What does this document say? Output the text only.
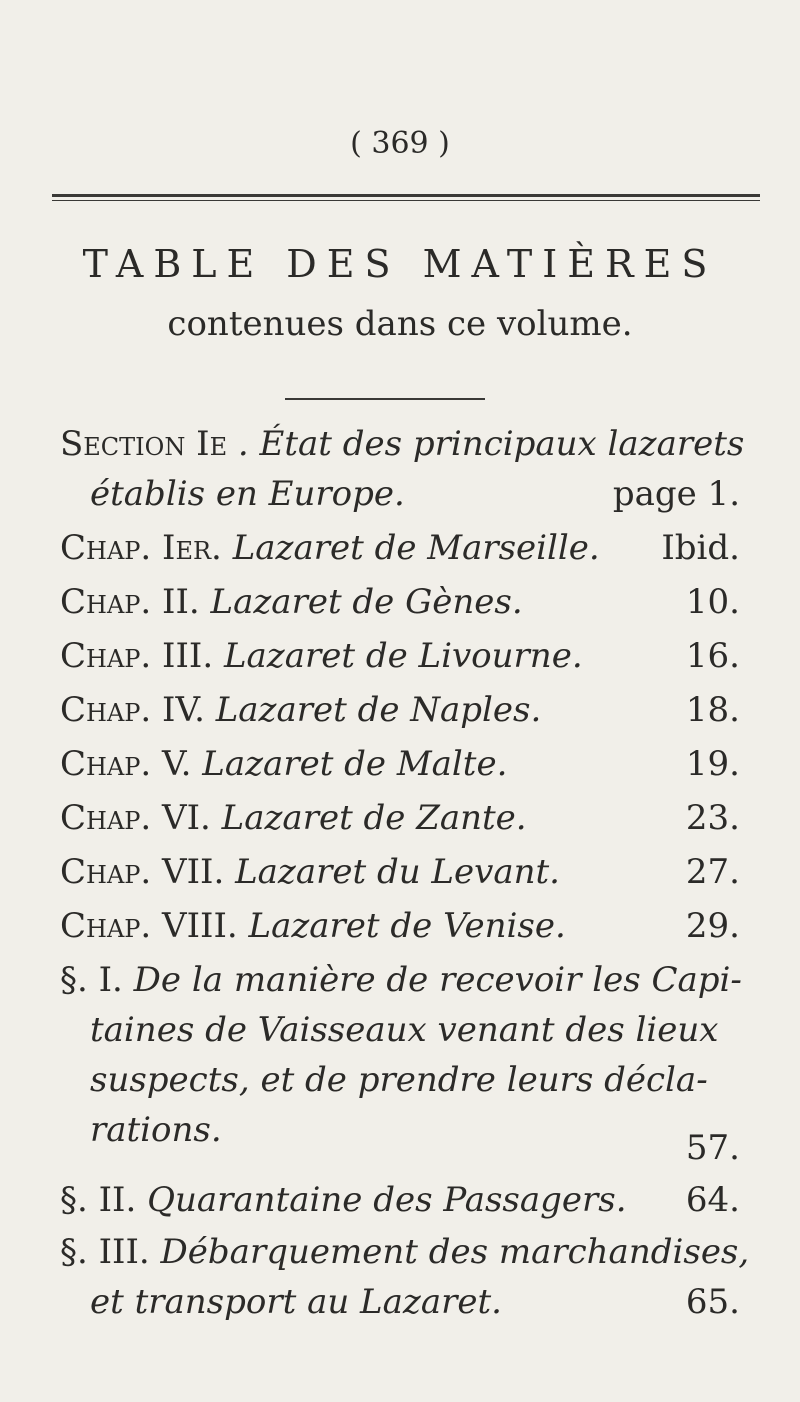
( 369 )
TABLE DES MATIÈRES
contenues dans ce volume.
Section Ie . État des principaux lazarets
établis en Europe.	page 1.
Chap. Ier. Lazaret de Marseille. Ibid.
Chap. II. Lazaret de Gènes.	10.
Chap. III. Lazaret de Livourne.	16.
Chap. IV. Lazaret de Naples.	18.
Chap. V. Lazaret de Malte.	19.
Chap. VI. Lazaret de Zante.	23.
Chap. VII. Lazaret du Levant.	27.
Chap. VIII. Lazaret de Venise.	29.
§. I. De la manière de recevoir les Capi-
taines de Vaisseaux venant des lieux
suspects, et de prendre leurs décla-
rations.	57.
§. II. Quarantaine des Passagers. 64.
§. III. Débarquement des marchandises,
et transport au Lazaret.	65.
